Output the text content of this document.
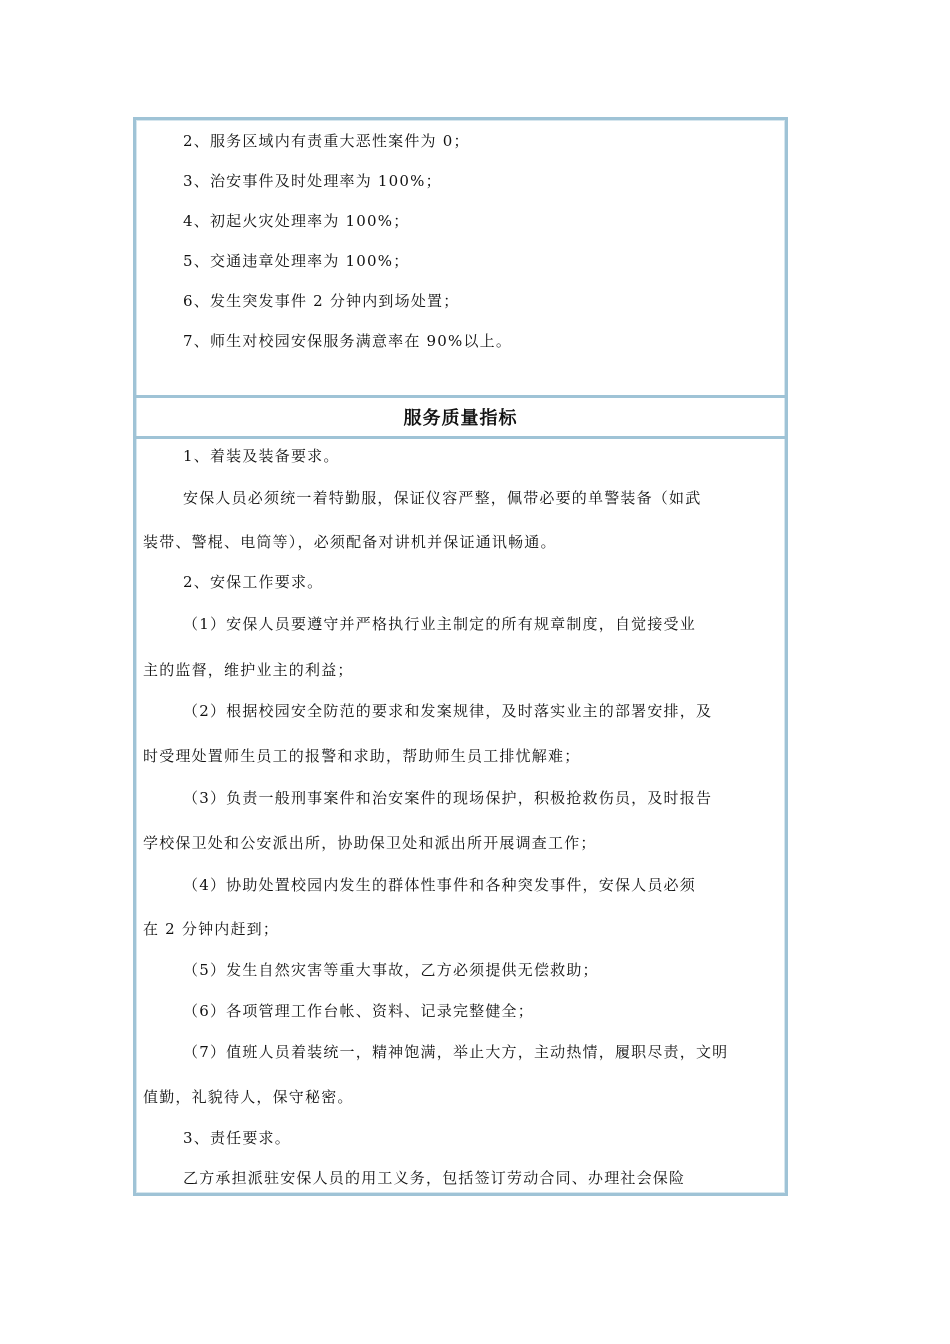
2、服务区域内有责重大恶性案件为 0；
3、治安事件及时处理率为 100%；
4、初起火灾处理率为 100%；
5、交通违章处理率为 100%；
6、发生突发事件 2 分钟内到场处置；
7、师生对校园安保服务满意率在 90%以上。
服务质量指标
1、着装及装备要求。
安保人员必须统一着特勤服，保证仪容严整，佩带必要的单警装备（如武
装带、警棍、电筒等），必须配备对讲机并保证通讯畅通。
2、安保工作要求。
（1）安保人员要遵守并严格执行业主制定的所有规章制度，自觉接受业
主的监督，维护业主的利益；
（2）根据校园安全防范的要求和发案规律，及时落实业主的部署安排，及
时受理处置师生员工的报警和求助，帮助师生员工排忧解难；
（3）负责一般刑事案件和治安案件的现场保护，积极抢救伤员，及时报告
学校保卫处和公安派出所，协助保卫处和派出所开展调查工作；
（4）协助处置校园内发生的群体性事件和各种突发事件，安保人员必须
在 2 分钟内赶到；
（5）发生自然灾害等重大事故，乙方必须提供无偿救助；
（6）各项管理工作台帐、资料、记录完整健全；
（7）值班人员着装统一，精神饱满，举止大方，主动热情，履职尽责，文明
值勤，礼貌待人，保守秘密。
3、责任要求。
乙方承担派驻安保人员的用工义务，包括签订劳动合同、办理社会保险
